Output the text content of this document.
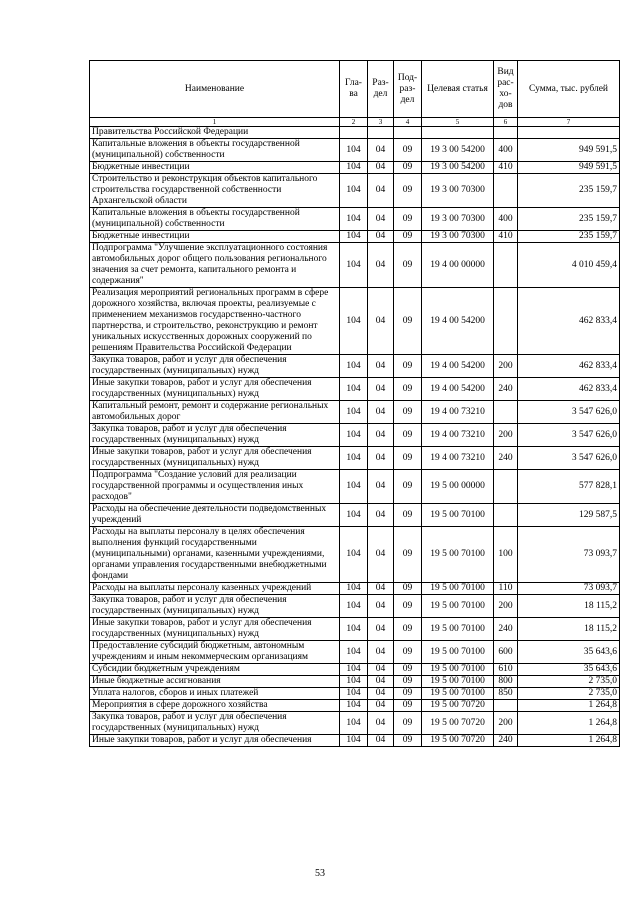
Наименование	Гла-ва	Раз-дел	Под-раз-дел	Целевая статья	Вид рас-хо-дов	Сумма, тыс. рублей
1	2	3	4	5	6	7
Правительства Российской Федерации						
Капитальные вложения в объекты государственной (муниципальной) собственности	104	04	09	19 3 00 54200	400	949 591,5
Бюджетные инвестиции	104	04	09	19 3 00 54200	410	949 591,5
Строительство и реконструкция объектов капитального строительства государственной собственности Архангельской области	104	04	09	19 3 00 70300		235 159,7
Капитальные вложения в объекты государственной (муниципальной) собственности	104	04	09	19 3 00 70300	400	235 159,7
Бюджетные инвестиции	104	04	09	19 3 00 70300	410	235 159,7
Подпрограмма "Улучшение эксплуатационного состояния автомобильных дорог общего пользования регионального значения за счет ремонта, капитального ремонта и содержания"	104	04	09	19 4 00 00000		4 010 459,4
Реализация мероприятий региональных программ в сфере дорожного хозяйства, включая проекты, реализуемые с применением механизмов государственно-частного партнерства, и строительство, реконструкцию и ремонт уникальных искусственных дорожных сооружений по решениям Правительства Российской Федерации	104	04	09	19 4 00 54200		462 833,4
Закупка товаров, работ и услуг для обеспечения государственных (муниципальных) нужд	104	04	09	19 4 00 54200	200	462 833,4
Иные закупки товаров, работ и услуг для обеспечения государственных (муниципальных) нужд	104	04	09	19 4 00 54200	240	462 833,4
Капитальный ремонт, ремонт и содержание региональных автомобильных дорог	104	04	09	19 4 00 73210		3 547 626,0
Закупка товаров, работ и услуг для обеспечения государственных (муниципальных) нужд	104	04	09	19 4 00 73210	200	3 547 626,0
Иные закупки товаров, работ и услуг для обеспечения государственных (муниципальных) нужд	104	04	09	19 4 00 73210	240	3 547 626,0
Подпрограмма "Создание условий для реализации государственной программы и осуществления иных расходов"	104	04	09	19 5 00 00000		577 828,1
Расходы на обеспечение деятельности подведомственных учреждений	104	04	09	19 5 00 70100		129 587,5
Расходы на выплаты персоналу в целях обеспечения выполнения функций государственными (муниципальными) органами, казенными учреждениями, органами управления государственными внебюджетными фондами	104	04	09	19 5 00 70100	100	73 093,7
Расходы на выплаты персоналу казенных учреждений	104	04	09	19 5 00 70100	110	73 093,7
Закупка товаров, работ и услуг для обеспечения государственных (муниципальных) нужд	104	04	09	19 5 00 70100	200	18 115,2
Иные закупки товаров, работ и услуг для обеспечения государственных (муниципальных) нужд	104	04	09	19 5 00 70100	240	18 115,2
Предоставление субсидий бюджетным, автономным учреждениям и иным некоммерческим организациям	104	04	09	19 5 00 70100	600	35 643,6
Субсидии бюджетным учреждениям	104	04	09	19 5 00 70100	610	35 643,6
Иные бюджетные ассигнования	104	04	09	19 5 00 70100	800	2 735,0
Уплата налогов, сборов и иных платежей	104	04	09	19 5 00 70100	850	2 735,0
Мероприятия в сфере дорожного хозяйства	104	04	09	19 5 00 70720		1 264,8
Закупка товаров, работ и услуг для обеспечения государственных (муниципальных) нужд	104	04	09	19 5 00 70720	200	1 264,8
Иные закупки товаров, работ и услуг для обеспечения	104	04	09	19 5 00 70720	240	1 264,8
53
